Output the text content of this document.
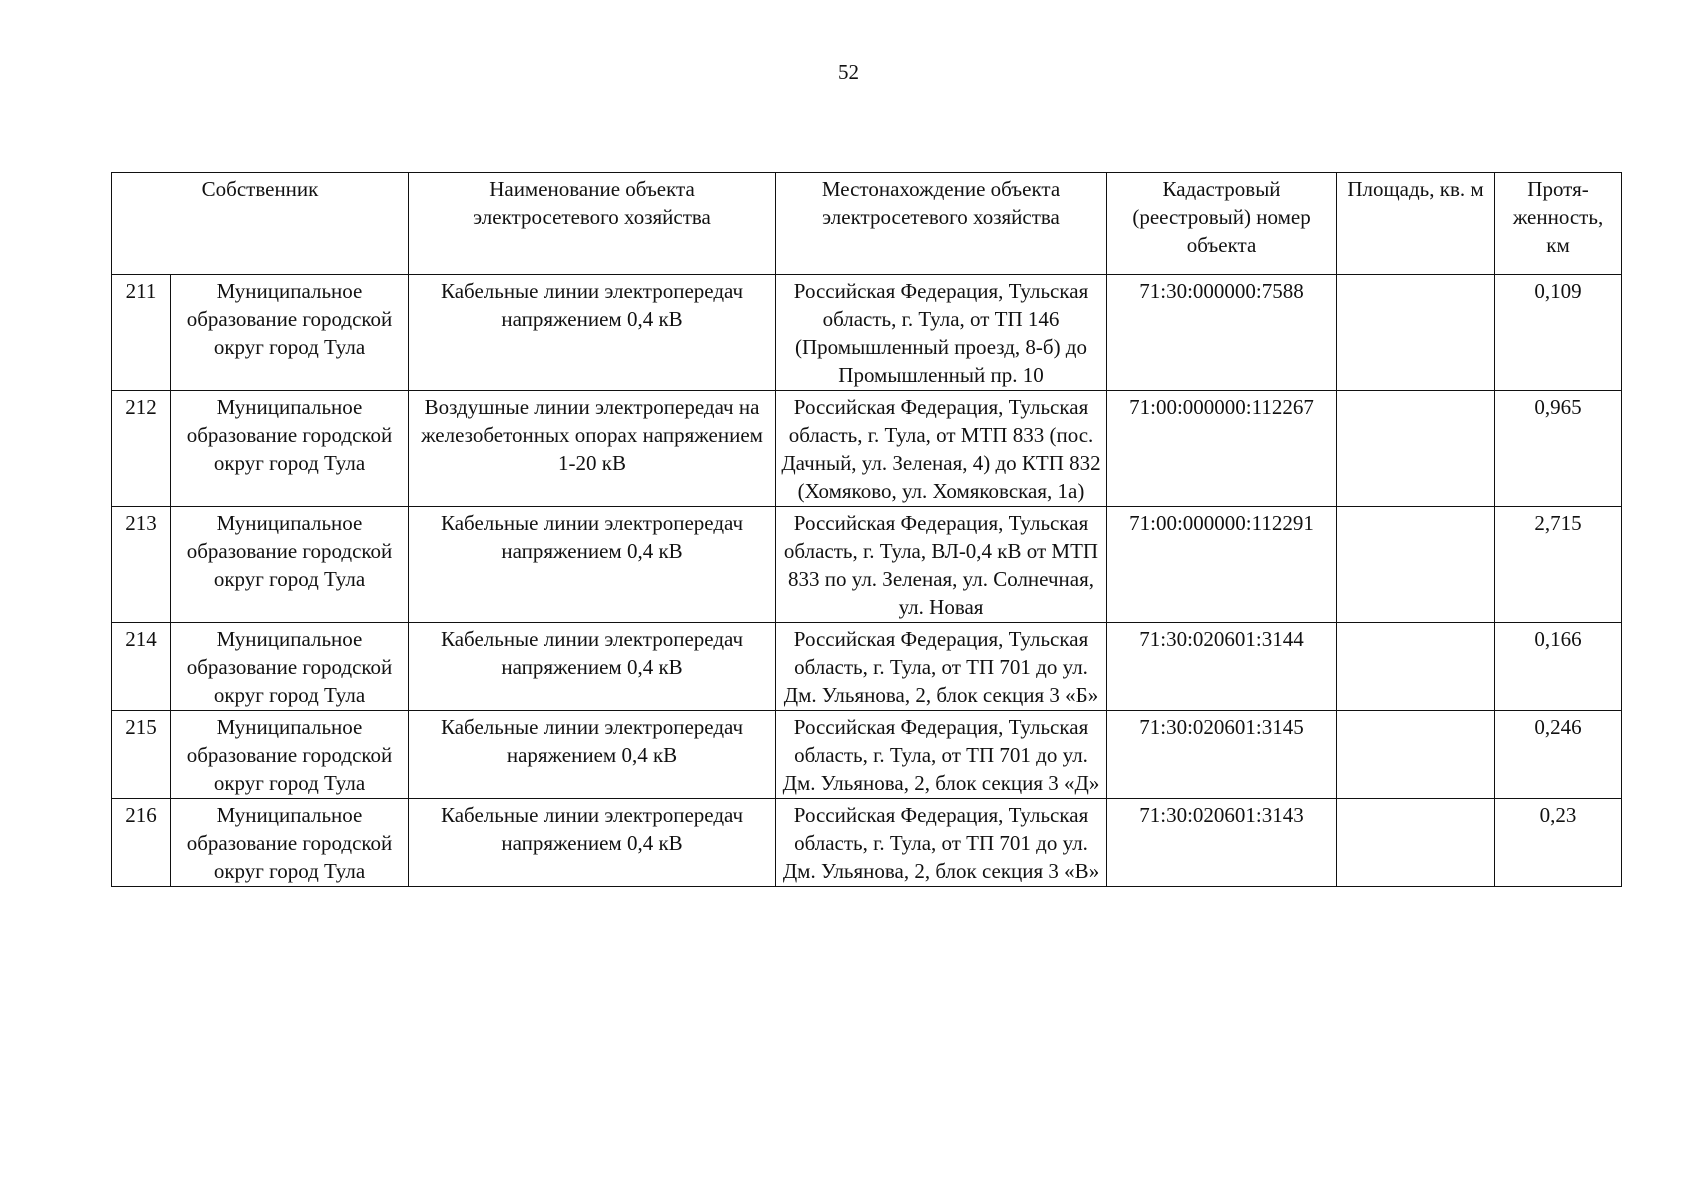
52
Собственник		Наименование объекта электросетевого хозяйства	Местонахождение объекта электросетевого хозяйства	Кадастровый (реестровый) номер объекта	Площадь, кв. м	Протя-женность, км
211	Муниципальное образование городской округ город Тула	Кабельные линии электропередач напряжением 0,4 кВ	Российская Федерация, Тульская область, г. Тула, от ТП 146 (Промышленный проезд, 8-б) до Промышленный пр. 10	71:30:000000:7588		0,109
212	Муниципальное образование городской округ город Тула	Воздушные линии электропередач на железобетонных опорах напряжением 1-20 кВ	Российская Федерация, Тульская область, г. Тула, от МТП 833 (пос. Дачный, ул. Зеленая, 4) до КТП 832 (Хомяково, ул. Хомяковская, 1а)	71:00:000000:112267		0,965
213	Муниципальное образование городской округ город Тула	Кабельные линии электропередач напряжением 0,4 кВ	Российская Федерация, Тульская область, г. Тула, ВЛ-0,4 кВ от МТП 833 по ул. Зеленая, ул. Солнечная, ул. Новая	71:00:000000:112291		2,715
214	Муниципальное образование городской округ город Тула	Кабельные линии электропередач напряжением 0,4 кВ	Российская Федерация, Тульская область, г. Тула, от ТП 701 до ул. Дм. Ульянова, 2, блок секция 3 «Б»	71:30:020601:3144		0,166
215	Муниципальное образование городской округ город Тула	Кабельные линии электропередач наряжением 0,4 кВ	Российская Федерация, Тульская область, г. Тула, от ТП 701 до ул. Дм. Ульянова, 2, блок секция 3 «Д»	71:30:020601:3145		0,246
216	Муниципальное образование городской округ город Тула	Кабельные линии электропередач напряжением 0,4 кВ	Российская Федерация, Тульская область, г. Тула, от ТП 701 до ул. Дм. Ульянова, 2, блок секция 3 «В»	71:30:020601:3143		0,23
